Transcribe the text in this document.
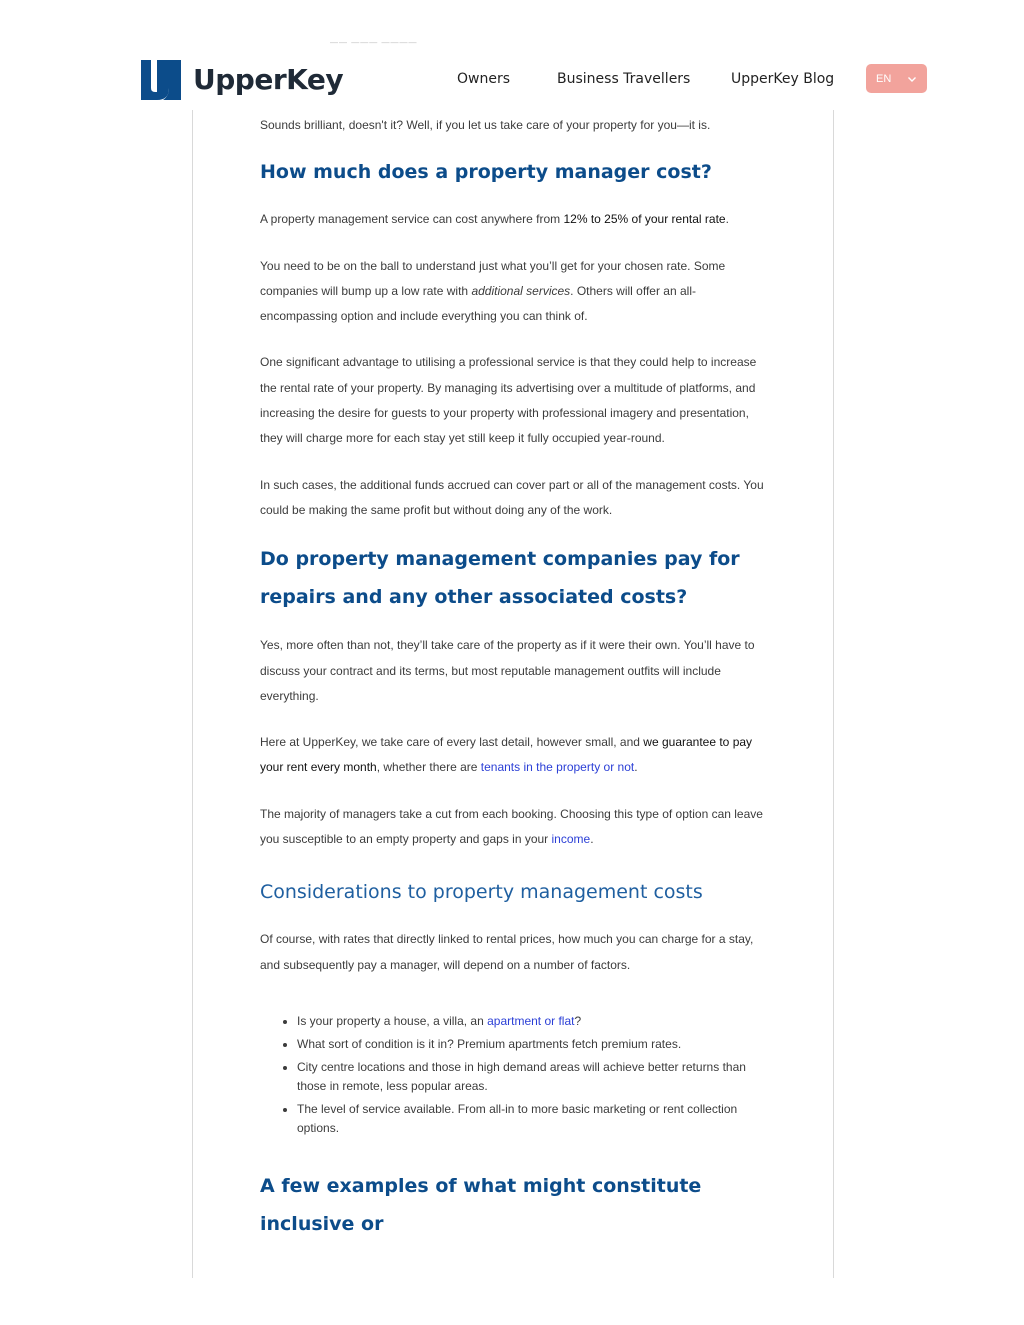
—— ——— ————
UpperKey	Owners	Business Travellers	UpperKey Blog	EN

Sounds brilliant, doesn't it? Well, if you let us take care of your property for you—it is.

How much does a property manager cost?

A property management service can cost anywhere from 12% to 25% of your rental rate.

You need to be on the ball to understand just what you’ll get for your chosen rate. Some companies will bump up a low rate with additional services. Others will offer an all-encompassing option and include everything you can think of.

One significant advantage to utilising a professional service is that they could help to increase the rental rate of your property. By managing its advertising over a multitude of platforms, and increasing the desire for guests to your property with professional imagery and presentation, they will charge more for each stay yet still keep it fully occupied year-round.

In such cases, the additional funds accrued can cover part or all of the management costs. You could be making the same profit but without doing any of the work.

Do property management companies pay for repairs and any other associated costs?

Yes, more often than not, they’ll take care of the property as if it were their own. You’ll have to discuss your contract and its terms, but most reputable management outfits will include everything.

Here at UpperKey, we take care of every last detail, however small, and we guarantee to pay your rent every month, whether there are tenants in the property or not.

The majority of managers take a cut from each booking. Choosing this type of option can leave you susceptible to an empty property and gaps in your income.

Considerations to property management costs

Of course, with rates that directly linked to rental prices, how much you can charge for a stay, and subsequently pay a manager, will depend on a number of factors.

• Is your property a house, a villa, an apartment or flat?
• What sort of condition is it in? Premium apartments fetch premium rates.
• City centre locations and those in high demand areas will achieve better returns than those in remote, less popular areas.
• The level of service available. From all-in to more basic marketing or rent collection options.
A few examples of what might constitute inclusive or
